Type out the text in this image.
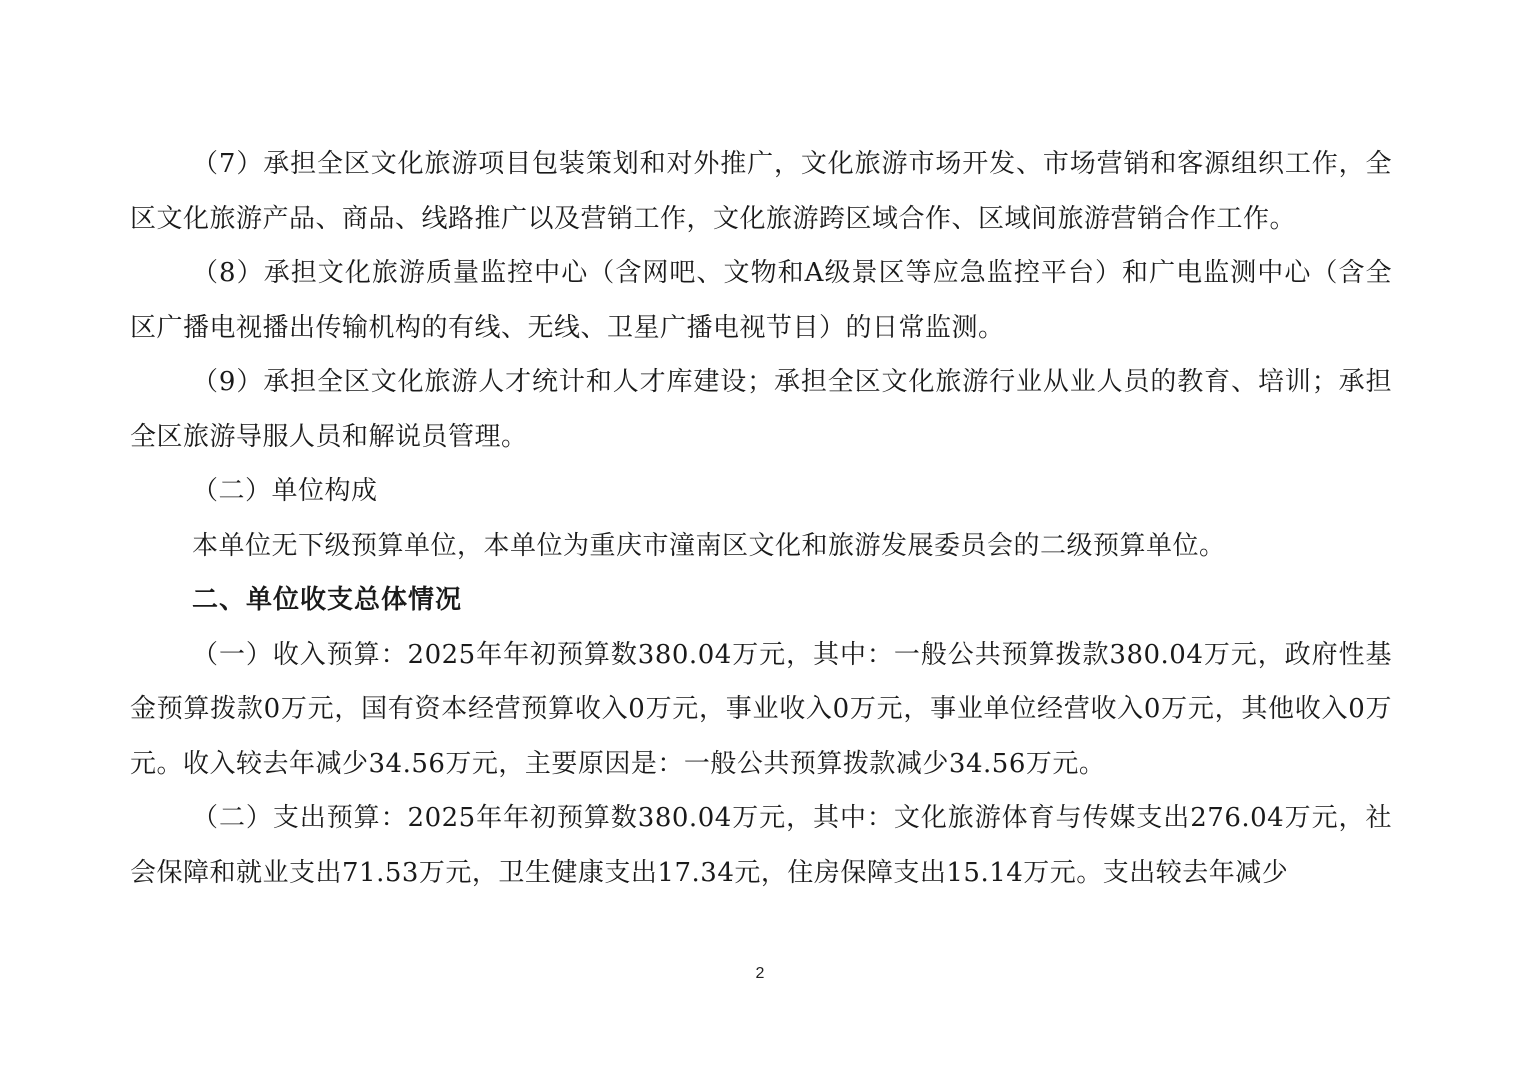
（7）承担全区文化旅游项目包装策划和对外推广，文化旅游市场开发、市场营销和客源组织工作，全区文化旅游产品、商品、线路推广以及营销工作，文化旅游跨区域合作、区域间旅游营销合作工作。

（8）承担文化旅游质量监控中心（含网吧、文物和A级景区等应急监控平台）和广电监测中心（含全区广播电视播出传输机构的有线、无线、卫星广播电视节目）的日常监测。

（9）承担全区文化旅游人才统计和人才库建设；承担全区文化旅游行业从业人员的教育、培训；承担全区旅游导服人员和解说员管理。

（二）单位构成

本单位无下级预算单位，本单位为重庆市潼南区文化和旅游发展委员会的二级预算单位。

二、单位收支总体情况

（一）收入预算：2025年年初预算数380.04万元，其中：一般公共预算拨款380.04万元，政府性基金预算拨款0万元，国有资本经营预算收入0万元，事业收入0万元，事业单位经营收入0万元，其他收入0万元。收入较去年减少34.56万元，主要原因是：一般公共预算拨款减少34.56万元。

（二）支出预算：2025年年初预算数380.04万元，其中：文化旅游体育与传媒支出276.04万元，社会保障和就业支出71.53万元，卫生健康支出17.34元，住房保障支出15.14万元。支出较去年减少

2
